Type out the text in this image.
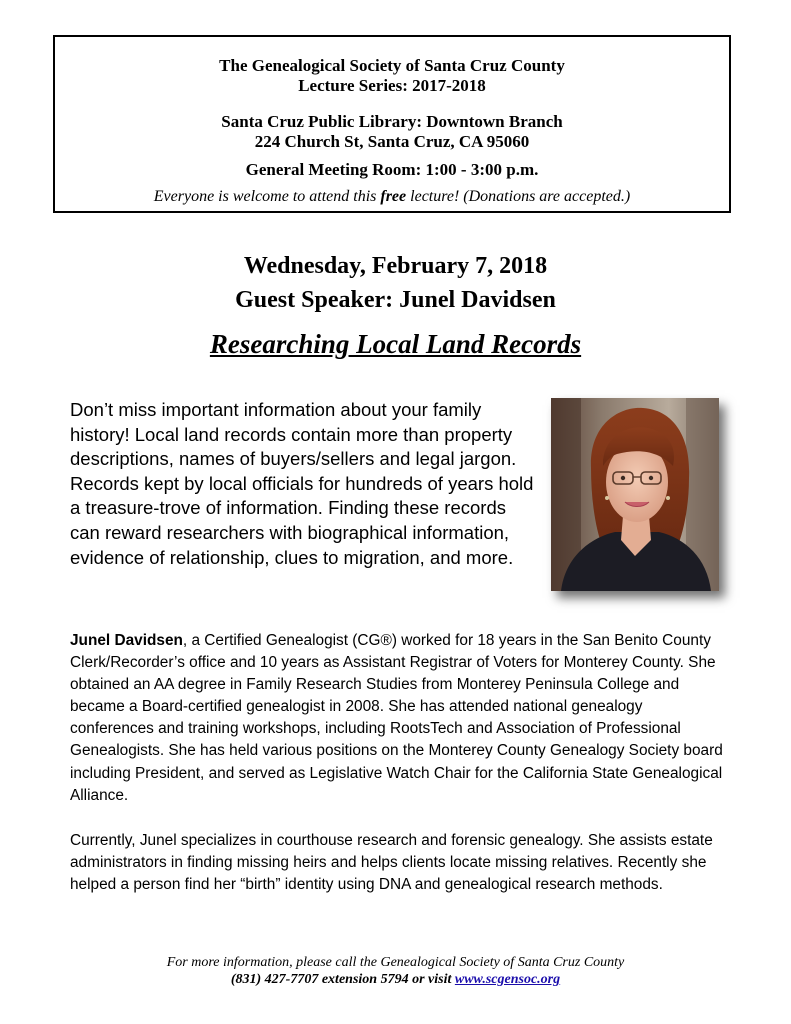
The Genealogical Society of Santa Cruz County
Lecture Series: 2017-2018
Santa Cruz Public Library: Downtown Branch
224 Church St, Santa Cruz, CA 95060
General Meeting Room: 1:00 - 3:00 p.m.
Everyone is welcome to attend this free lecture! (Donations are accepted.)
Wednesday, February 7, 2018
Guest Speaker: Junel Davidsen
Researching Local Land Records

Don’t miss important information about your family history! Local land records contain more than property descriptions, names of buyers/sellers and legal jargon. Records kept by local officials for hundreds of years hold a treasure-trove of information. Finding these records can reward researchers with biographical information, evidence of relationship, clues to migration, and more.

Junel Davidsen, a Certified Genealogist (CG®) worked for 18 years in the San Benito County Clerk/Recorder’s office and 10 years as Assistant Registrar of Voters for Monterey County. She obtained an AA degree in Family Research Studies from Monterey Peninsula College and became a Board-certified genealogist in 2008. She has attended national genealogy conferences and training workshops, including RootsTech and Association of Professional Genealogists. She has held various positions on the Monterey County Genealogy Society board including President, and served as Legislative Watch Chair for the California State Genealogical Alliance.

Currently, Junel specializes in courthouse research and forensic genealogy. She assists estate administrators in finding missing heirs and helps clients locate missing relatives. Recently she helped a person find her “birth” identity using DNA and genealogical research methods.

For more information, please call the Genealogical Society of Santa Cruz County
(831) 427-7707 extension 5794 or visit www.scgensoc.org
